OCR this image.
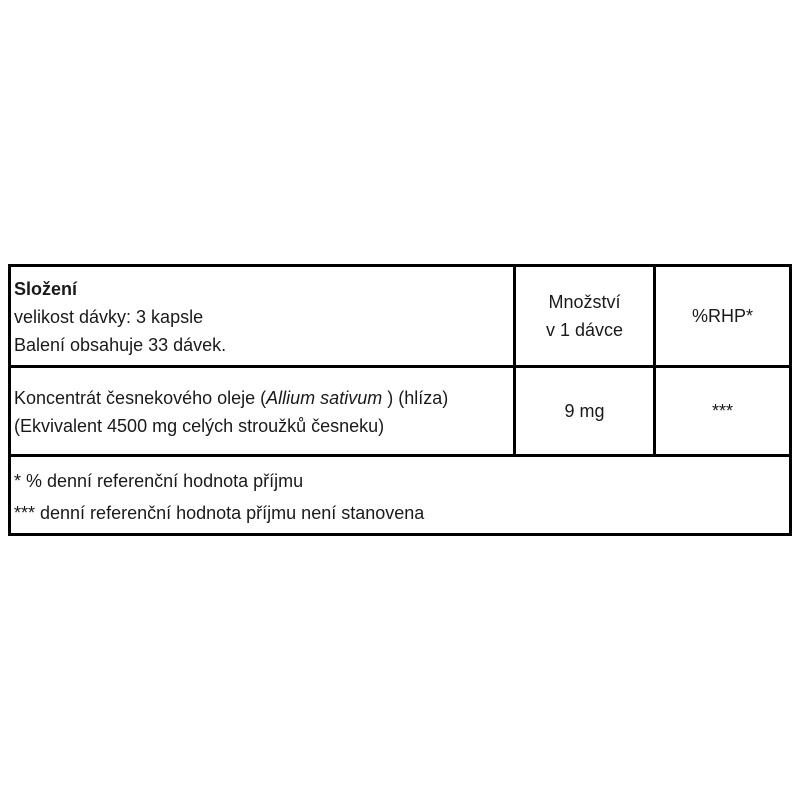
Složení
velikost dávky: 3 kapsle
Balení obsahuje 33 dávek.
Množství
v 1 dávce
%RHP*
Koncentrát česnekového oleje (Allium sativum ) (hlíza)
(Ekvivalent 4500 mg celých stroužků česneku)
9 mg	***
* % denní referenční hodnota příjmu
*** denní referenční hodnota příjmu není stanovena
